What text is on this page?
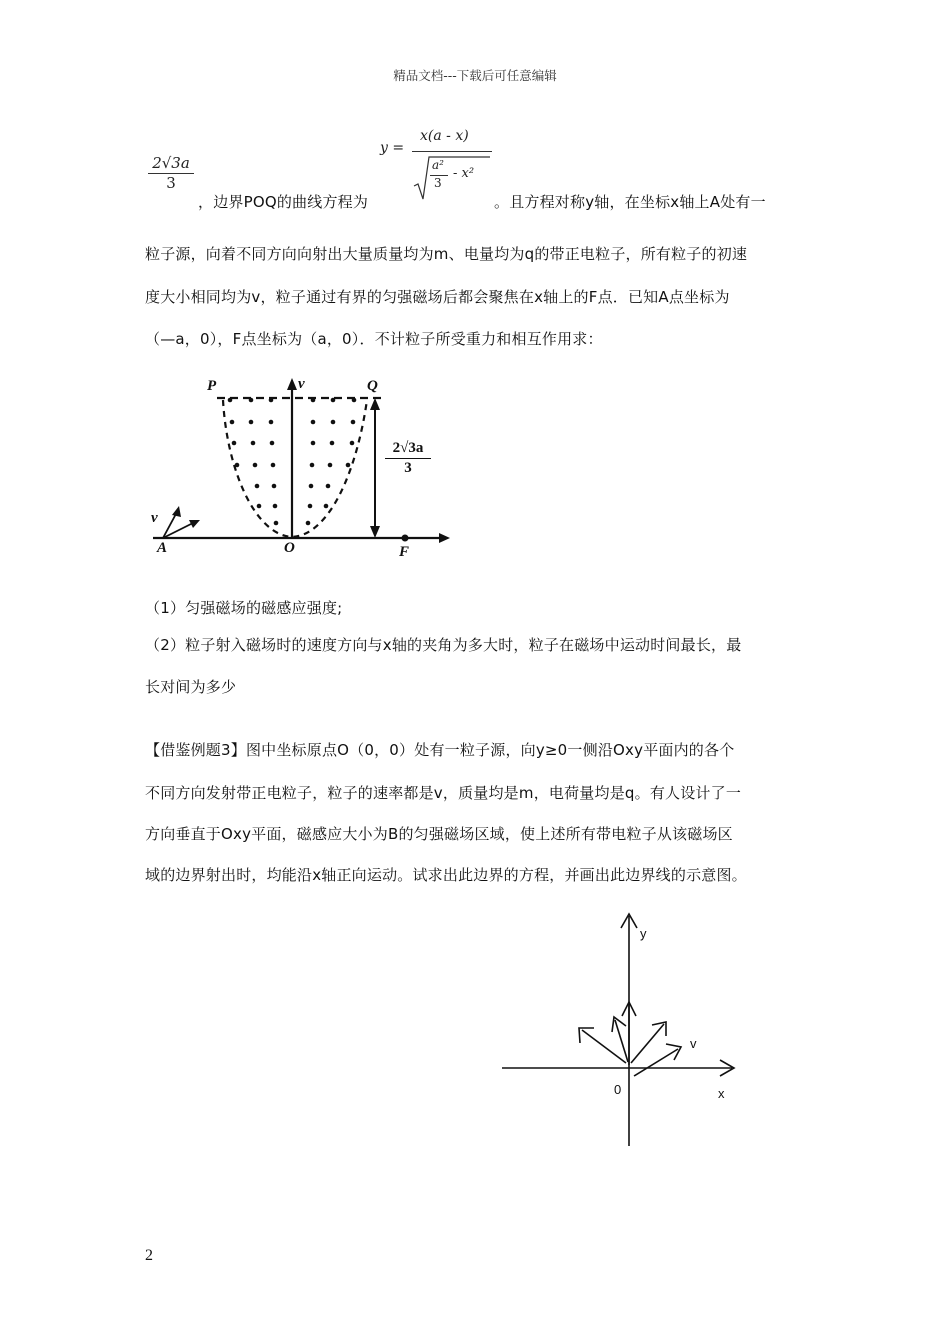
精品文档---下载后可任意编辑
2√3a
3
，边界POQ的曲线方程为
y =
x(a - x)
a²
3
- x²
。且方程对称y轴，在坐标x轴上A处有一
粒子源，向着不同方向向射出大量质量均为m、电量均为q的带正电粒子，所有粒子的初速
度大小相同均为v，粒子通过有界的匀强磁场后都会聚焦在x轴上的F点．已知A点坐标为
（—a，0），F点坐标为（a，0）．不计粒子所受重力和相互作用求：
P	Q
v
v
A	O	F
2√3a
3
（1）匀强磁场的磁感应强度;
（2）粒子射入磁场时的速度方向与x轴的夹角为多大时，粒子在磁场中运动时间最长，最
长对间为多少
【借鉴例题3】图中坐标原点O（0，0）处有一粒子源，向y≥0一侧沿Oxy平面内的各个
不同方向发射带正电粒子，粒子的速率都是v，质量均是m，电荷量均是q。有人设计了一
方向垂直于Oxy平面，磁感应大小为B的匀强磁场区域，使上述所有带电粒子从该磁场区
域的边界射出时，均能沿x轴正向运动。试求出此边界的方程，并画出此边界线的示意图。
y
x
v
0
2
